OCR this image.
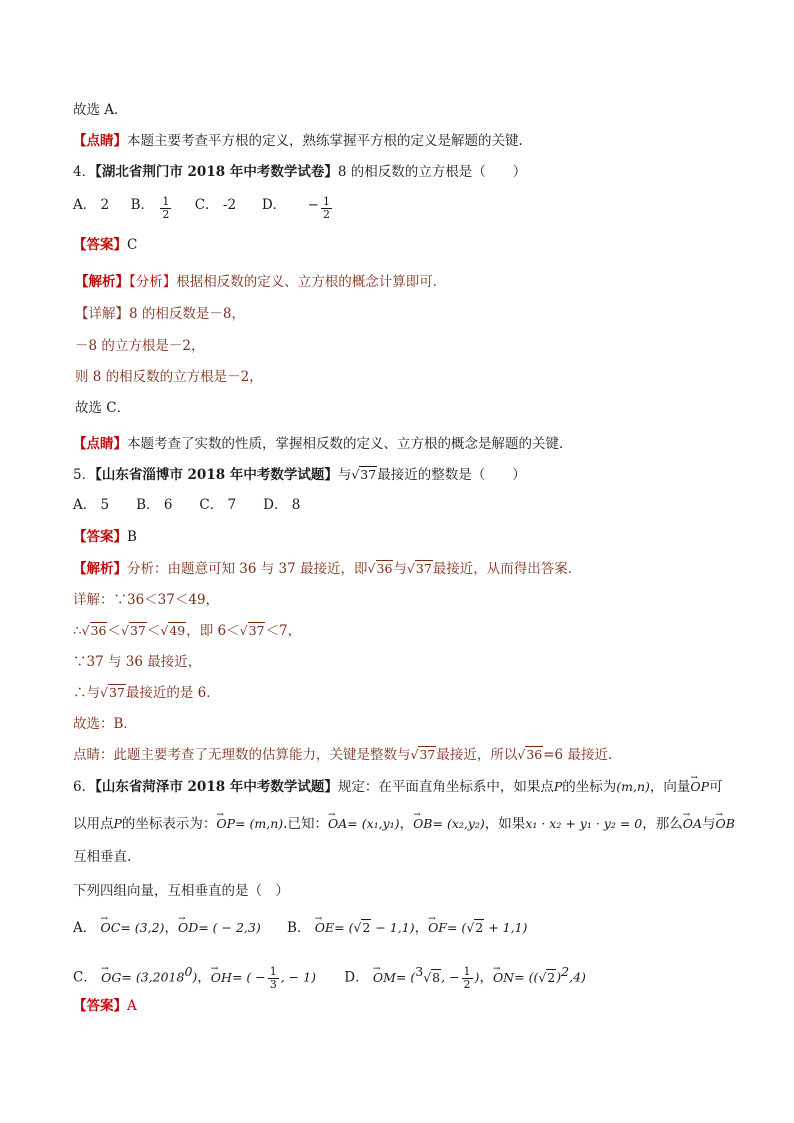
故选 A．
【点睛】本题主要考查平方根的定义，熟练掌握平方根的定义是解题的关键.
4．【湖北省荆门市 2018 年中考数学试卷】8 的相反数的立方根是（　　）
A． 2 B． $\frac{1}{2}$ C． -2 D． − $\frac{1}{2}$
【答案】C
【解析】【分析】根据相反数的定义、立方根的概念计算即可．
【详解】8 的相反数是－8，
－8 的立方根是－2，
则 8 的相反数的立方根是－2，
故选 C．
【点睛】本题考查了实数的性质，掌握相反数的定义、立方根的概念是解题的关键．
5．【山东省淄博市 2018 年中考数学试题】与√37最接近的整数是（　　）
A． 5　　B． 6　　C． 7　　D． 8
【答案】B
【解析】分析：由题意可知 36 与 37 最接近，即√36与√37最接近，从而得出答案．
详解：∵36＜37＜49，
∴√36＜√37＜√49，即 6＜√37＜7，
∵37 与 36 最接近，
∴与√37最接近的是 6．
故选：B．
点睛：此题主要考查了无理数的估算能力，关键是整数与√37最接近，所以√36=6 最接近．
6．【山东省菏泽市 2018 年中考数学试题】规定：在平面直角坐标系中，如果点P的坐标为(m,n)，向量→ OP可
以用点P的坐标表示为：→ OP= (m,n).已知：→ OA= (x₁,y₁)，→ OB= (x₂,y₂)，如果x₁ · x₂ + y₁ · y₂ = 0，那么→ OA与→ OB
互相垂直.
下列四组向量，互相垂直的是（　）
A． → OC= (3,2)，→ OD= ( − 2,3) B． → OE= (√2 − 1,1)，→ OF= (√2 + 1,1)
C． → $OG= (3,2018^0)$，→ OH= ( − $\frac{1}{3}$ , − 1) D． → OM= ($^3$√8, − $\frac{1}{2}$ )，→ $ON= ((√2)^2,4)$
【答案】A
